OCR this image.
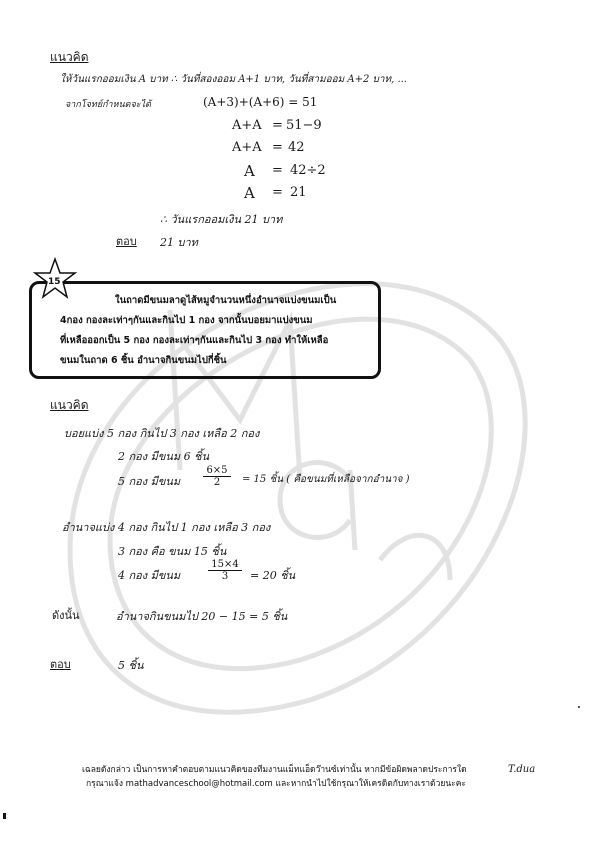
แนวคิด
ให้วันแรกออมเงิน A บาท ∴ วันที่สองออม A+1 บาท, วันที่สามออม A+2 บาท, ...
จากโจทย์กำหนดจะได้	(A+3)+(A+6) = 51
A+A = 51−9
A+A = 42
A = 42÷2
A = 21
∴ วันแรกออมเงิน 21 บาท
ตอบ 21 บาท
15
ในถาดมีขนมลาดูไส้หมูจำนวนหนึ่งอำนาจแบ่งขนมเป็น
4กอง กองละเท่าๆกันและกินไป 1 กอง จากนั้นบอยมาแบ่งขนม
ที่เหลือออกเป็น 5 กอง กองละเท่าๆกันและกินไป 3 กอง ทำให้เหลือ
ขนมในถาด 6 ชิ้น อำนาจกินขนมไปกี่ชิ้น
แนวคิด
บอยแบ่ง 5 กอง กินไป 3 กอง เหลือ 2 กอง
2 กอง มีขนม 6 ชิ้น
5 กอง มีขนม $\frac{6\times 5}{2} = 15$ ชิ้น ( คือขนมที่เหลือจากอำนาจ )
อำนาจแบ่ง 4 กอง กินไป 1 กอง เหลือ 3 กอง
3 กอง คือ ขนม 15 ชิ้น
4 กอง มีขนม	$\frac{15\times 4}{3} = 20$ ชิ้น
ดังนั้น	อำนาจกินขนมไป 20 − 15 = 5 ชิ้น
ตอบ	5 ชิ้น
เฉลยดังกล่าว เป็นการหาคำตอบตามแนวคิดของทีมงานแม็ทแอ็ดว๊านซ์เท่านั้น หากมีข้อผิดพลาดประการใด
กรุณาแจ้ง mathadvanceschool@hotmail.com และหากนำไปใช้กรุณาให้เครดิตกับทางเราด้วยนะคะ
T.dua
